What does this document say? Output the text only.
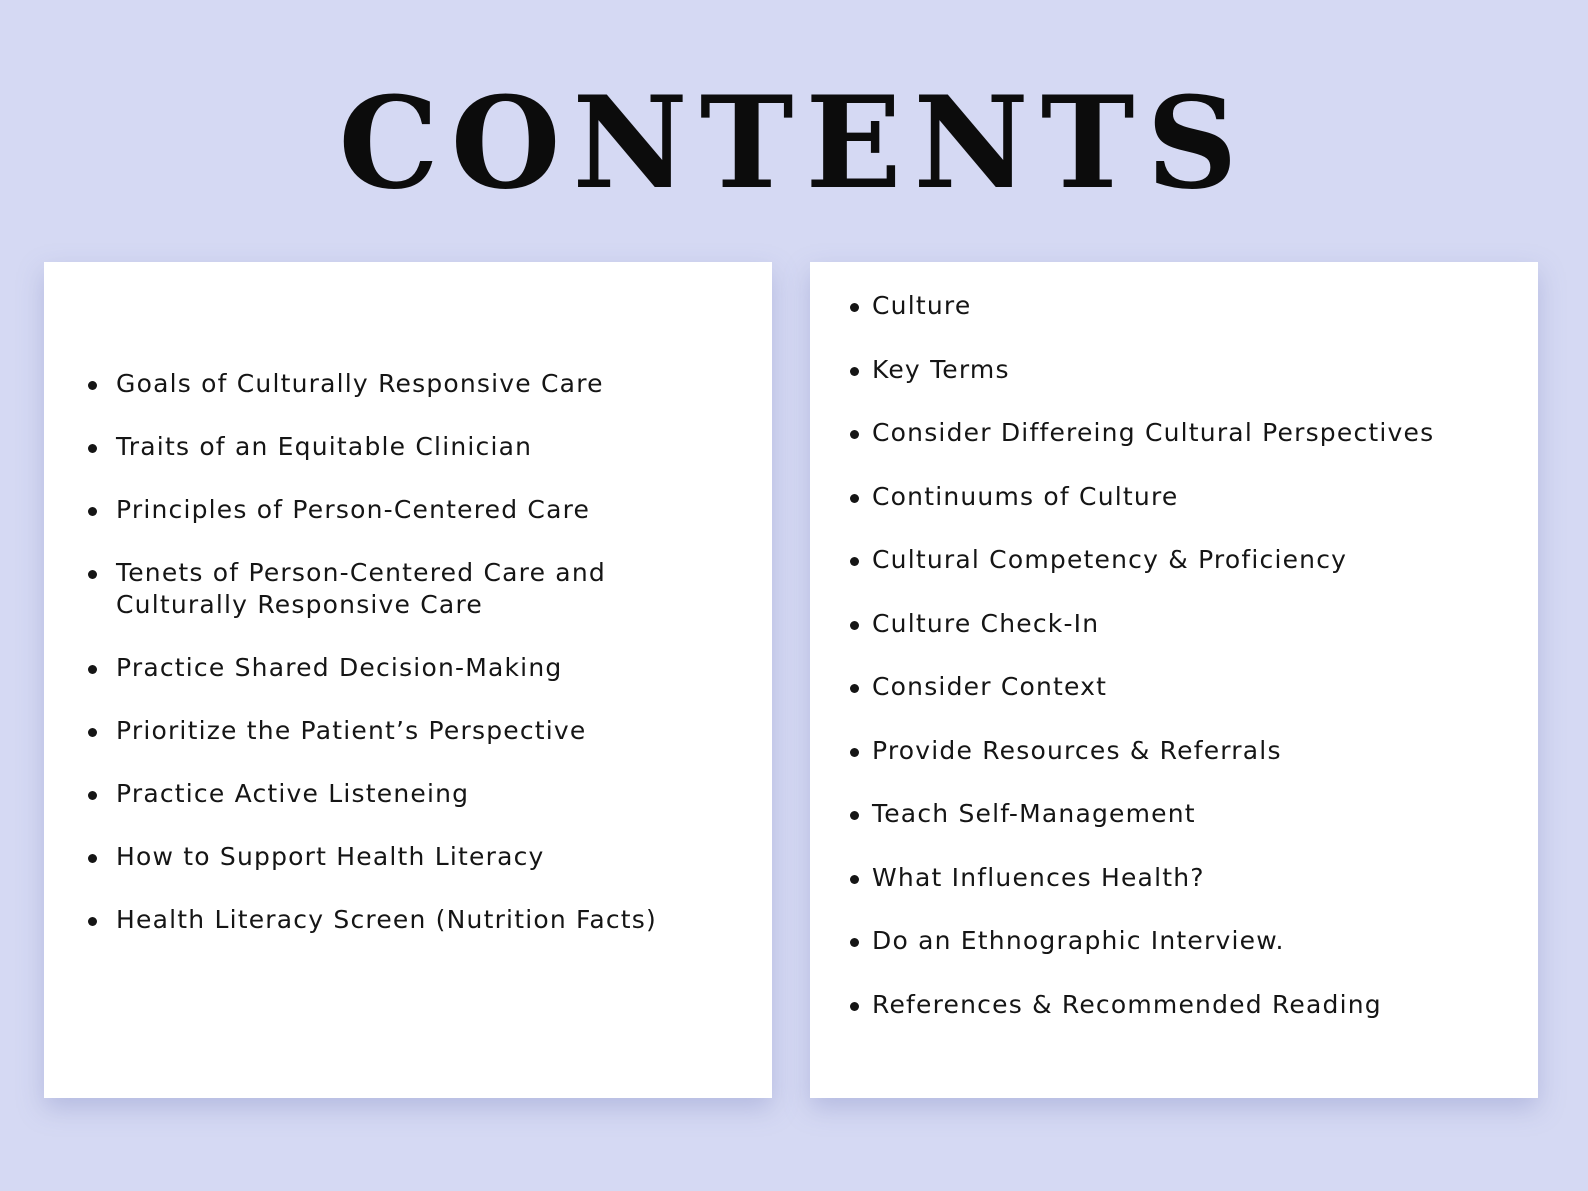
CONTENTS
Goals of Culturally Responsive Care
Traits of an Equitable Clinician
Principles of Person-Centered Care
Tenets of Person-Centered Care and Culturally Responsive Care
Practice Shared Decision-Making
Prioritize the Patient’s Perspective
Practice Active Listeneing
How to Support Health Literacy
Health Literacy Screen (Nutrition Facts)
Culture
Key Terms
Consider Differeing Cultural Perspectives
Continuums of Culture
Cultural Competency & Proficiency
Culture Check-In
Consider Context
Provide Resources & Referrals
Teach Self-Management
What Influences Health?
Do an Ethnographic Interview.
References & Recommended Reading
